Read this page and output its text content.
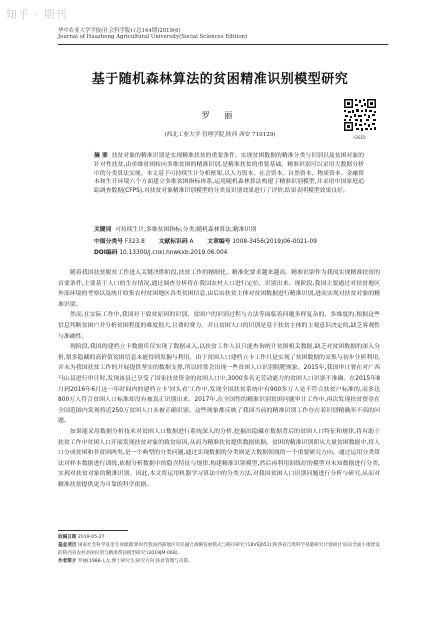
知乎 · 期刊
华中农业大学学报(社会科学版) (总144期)2019(6)
Journal of Huazhong Agricultural University(Social Sciences Edition)
基于随机森林算法的贫困精准识别模型研究
罗 丽
(西北工业大学 管理学院,陕西 西安 710129)	OSID
摘 要 扶贫对象的精准识别是实现精准扶贫的重要条件。实现贫困数据的精准分类与识别以及贫困对象的针对性扶贫,由单维贫困转向多维贫困的精准识别,是精准扶贫的重要基础。精准识别可以采用大数据分析中的分类算法实现。本文基于可持续生计分析框架,以人力资本、社会资本、自然资本、物质资本、金融资本和生计环境六个方面建立多维贫困指标体系,运用随机森林算法构建了精准识别模型,并采用中国家庭追踪调查数据(CFPS),对扶贫对象精准识别模型的分类及识别效果进行了评价,结果表明模型效果良好。
关键词 可持续生计;多维贫困指标;分类;随机森林算法;精准识别
中图分类号 F323.8 文献标识码 A 文章编号 1008-3456(2019)06-0021-09
DOI编码 10.13300/j.cnki.hnwkxb.2019.06.004

随着我国扶贫脱贫工作进入关键决胜阶段,扶贫工作的精细化、精准化要求越来越高。精准识别作为我国实现精准扶贫的首要条件,主要基于人口的生存情况,通过调查分析将在我国农村人口进行定位、识别出来。现阶段,我国主要通过对扶贫地区外部环境的考察以及统计收集农村贫困地区各类贫困信息,由后由扶贫主体对贫困数据进行精准识别,进而实现对扶贫对象的精准识别。

然而,在实际工作中,我国对于致贫原因的识别、贫困户的识别过程与方法等面临着问题多样复杂的、多维度的,根据这些信息判断贫困户并分析贫困程度的难度很大,且费时费力。并且贫困人口的识别是基于扶贫主体的主观意识决定的,缺乏客观性与准确性。

现阶段,我国的建档立卡数据库仅实现了数据录入,以扶贫工作人员只能查询统计贫困相关数据,缺乏对贫困数据的深入分析,很多隐藏的高价值贫困信息未能得到发掘与利用。由于贫困人口建档立卡工作只是实现了贫困数据的采集与初步分析利用,并未为我国扶贫工作的开展提供坚实的数据支撑,所以经常会出现一些贫困人口识别脱靶现象。2015年,我国审计署在对广西马山县进行审计时,发现该县已享受了国家扶贫资金的贫困人口中,3000多名无劳动能力的贫困人口识别不准确。在2015年8月到2016年6月这一年时间内的建档立卡'回头看'工作中,发现全国扶贫系统中有900多万人是不符合扶贫户标准的,而多达800万人符合贫困人口标准却没有被真正识别出来。2017年,在全国性的精准识别贫困问题审计工作中,再次发现扶贫资金在全国范围内发现将近250万贫困人口未被正确识别。这些现象都反映了我国当前的精准识别工作存在着识别精确率不高的问题。

如果能采用数据分析技术对贫困人口数据进行系统深入的分析,挖掘出隐藏在数据背后的贫困人口特征和规律,将有助于扶贫工作中贫困人口开展发现扶贫对象的致贫原因,从而为精准扶贫提供数据依据。贫困的精准识别即从大量贫困数据中,将人口分成贫困和非贫困两类,是一个典型的分类问题,通过实现数据的分类则是大数据领域的一个重要研究方向。通过运用分类算法对样本数据进行训练,依据分析数据中的隐含特征与规律,构建精准识别模型,然后再利用训练好的模型对未知数据进行分类,实现对扶贫对象的精准识别。因此,本文将运用机器学习算法中的分类方法,对我国贫困人口识别问题进行分析与研究,从而对精准扶贫提供更为可靠的科学依据。

收稿日期 2019-05-27
基金项目 国家社会科学基金专项课题'新时代我国西部地区军民融合战略发展模式与路径研究'(18VSJ051);陕西省自然科学基础研究计划项目'面向全面小康建设的陕西省农村贫困识别与精准帮扶模型研究'(2019JM-068)。
作者简介 罗丽(1988-),女,博士研究生;研究方向:扶贫管理与决策。
